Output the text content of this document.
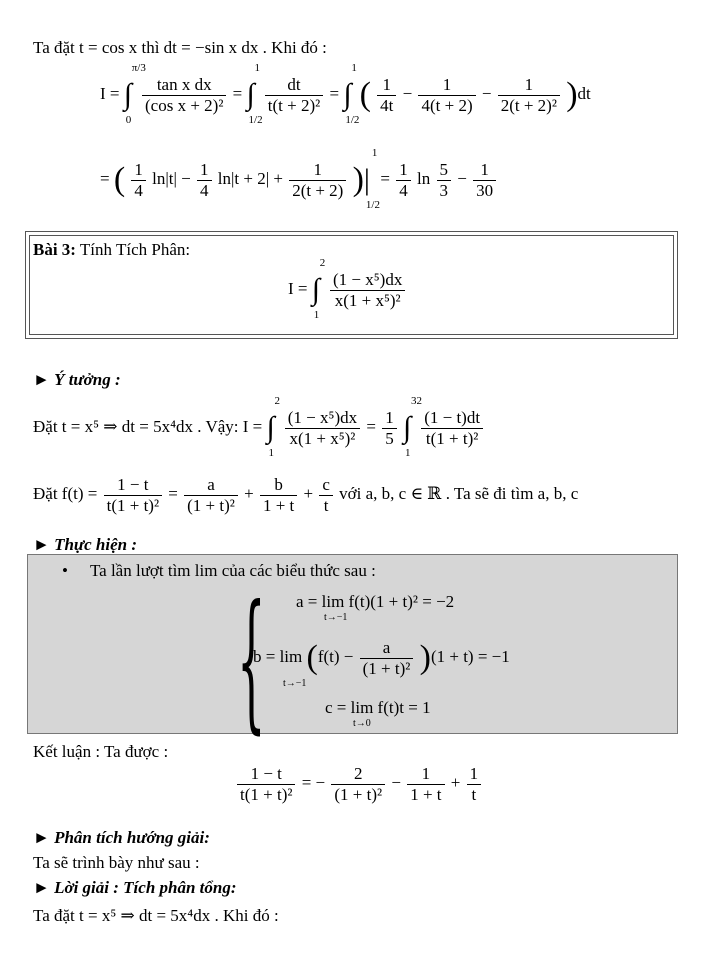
Ta đặt t = cos x thì dt = −sin x dx . Khi đó :
I = ∫
π/3
0

$\frac{\text{tan x dx}}{\text{(cos x + 2)²}}$ = ∫
1
1/2

$\frac{dt}{\text{t(t + 2)²}}$ = ∫
1
1/2
( $\frac{1}{4t} - \frac{1}{4(t + 2)} - \frac{1}{\text{2(t + 2)²}} )dt$
= ( $\frac{1}{4} \ln|t| - \frac{1}{4} \ln|t + 2| + \frac{1}{2(t + 2)}$ )|
1
1/2
= $\frac{1}{4}$ $\ln \frac{5}{3} - \frac{1}{30}$
Bài 3: Tính Tích Phân:
I = ∫
2
1

$\frac{\text{(1 − x⁵)dx}}{\text{x(1 + x⁵)²}}$
► Ý tưởng :
Đặt t = x⁵ ⇒ dt = 5x⁴dx . Vậy: I = ∫
2
1

$\frac{\text{(1 − x⁵)dx}}{\text{x(1 + x⁵)²}} = \frac{1}{5}$ ∫
32
1

$\frac{(1 - t)dt}{\text{t(1 + t)²}}$
Đặt $f(t) = \frac{1 - t}{\text{t(1 + t)²}} = \frac{a}{\text{(1 + t)²}} + \frac{b}{1 + t} + \frac{c}{t}$ với a, b, c ∈ ℝ . Ta sẽ đi tìm a, b, c
► Thực hiện :
• Ta lần lượt tìm lim của các biểu thức sau :
{ a = lim f(t)(1 + t)² = −2
t→−1
$b = \lim (f(t) - \frac{a}{\text{(1 + t)²}} )(1 + t) = -1$
t→−1
c = lim f(t)t = 1
t→0
Kết luận : Ta được :
$\frac{1 - t}{\text{t(1 + t)²}}$ = − $\frac{2}{\text{(1 + t)²}} - \frac{1}{1 + t} + \frac{1}{t}$
► Phân tích hướng giải:
Ta sẽ trình bày như sau :
► Lời giải : Tích phân tổng:
Ta đặt t = x⁵ ⇒ dt = 5x⁴dx . Khi đó :
